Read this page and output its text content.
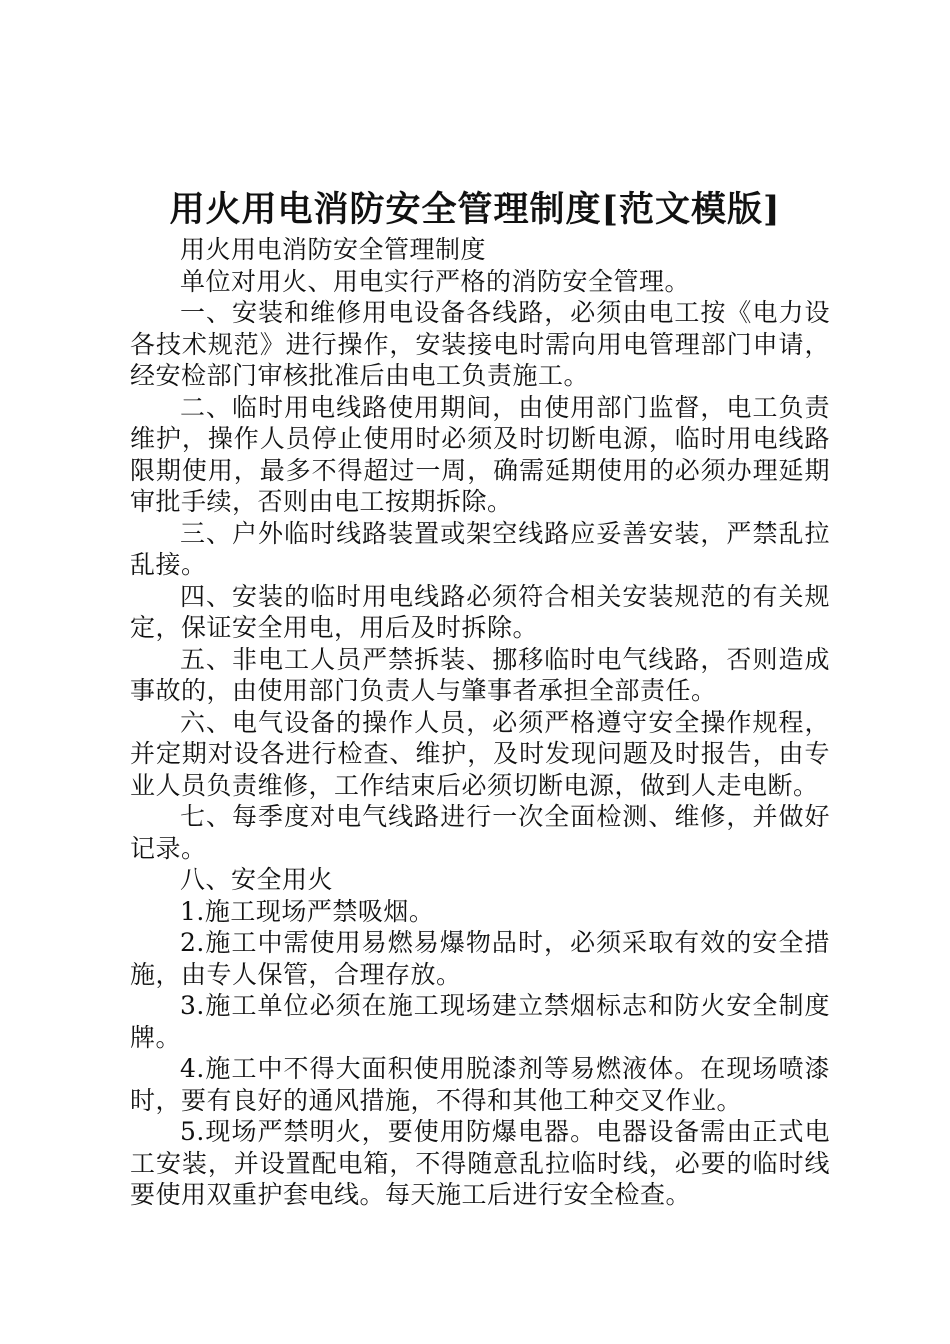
用火用电消防安全管理制度[范文模版]

用火用电消防安全管理制度

单位对用火、用电实行严格的消防安全管理。

一、安装和维修用电设备各线路，必须由电工按《电力设各技术规范》进行操作，安装接电时需向用电管理部门申请，经安检部门审核批准后由电工负责施工。

二、临时用电线路使用期间，由使用部门监督，电工负责维护，操作人员停止使用时必须及时切断电源，临时用电线路限期使用，最多不得超过一周，确需延期使用的必须办理延期审批手续，否则由电工按期拆除。

三、户外临时线路装置或架空线路应妥善安装，严禁乱拉乱接。

四、安装的临时用电线路必须符合相关安装规范的有关规定，保证安全用电，用后及时拆除。

五、非电工人员严禁拆装、挪移临时电气线路，否则造成事故的，由使用部门负责人与肇事者承担全部责任。

六、电气设备的操作人员，必须严格遵守安全操作规程，并定期对设各进行检查、维护，及时发现问题及时报告，由专业人员负责维修，工作结束后必须切断电源，做到人走电断。

七、每季度对电气线路进行一次全面检测、维修，并做好记录。

八、安全用火

1.施工现场严禁吸烟。

2.施工中需使用易燃易爆物品时，必须采取有效的安全措施，由专人保管，合理存放。

3.施工单位必须在施工现场建立禁烟标志和防火安全制度牌。

4.施工中不得大面积使用脱漆剂等易燃液体。在现场喷漆时，要有良好的通风措施，不得和其他工种交叉作业。

5.现场严禁明火，要使用防爆电器。电器设备需由正式电工安装，并设置配电箱，不得随意乱拉临时线，必要的临时线要使用双重护套电线。每天施工后进行安全检查。
